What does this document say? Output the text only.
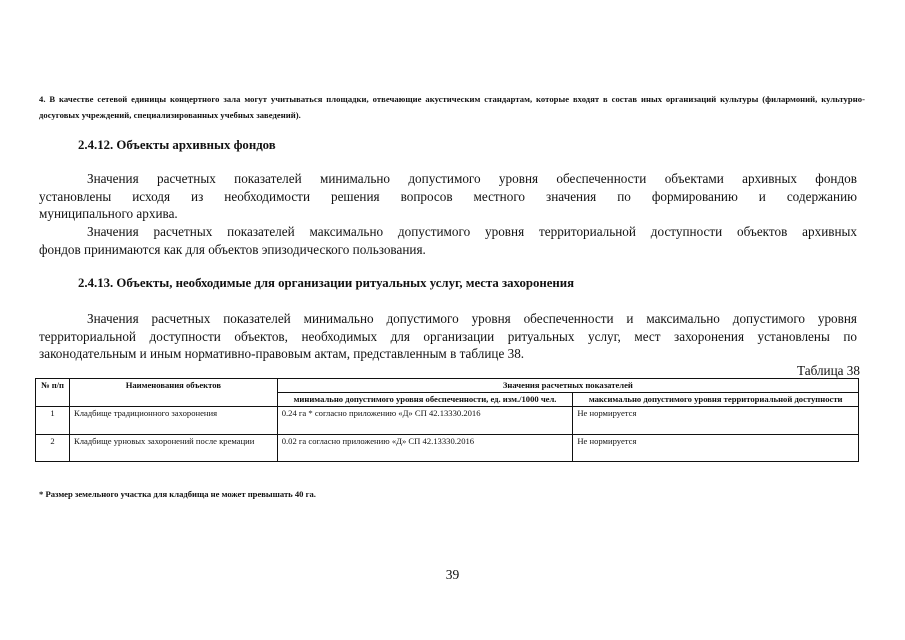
4. В качестве сетевой единицы концертного зала могут учитываться площадки, отвечающие акустическим стандартам, которые входят в состав иных организаций культуры (филармоний, культурно-досуговых учреждений, специализированных учебных заведений).
2.4.12. Объекты архивных фондов
Значения расчетных показателей минимально допустимого уровня обеспеченности объектами архивных фондов
установлены исходя из необходимости решения вопросов местного значения по формированию и содержанию
муниципального архива.
Значения расчетных показателей максимально допустимого уровня территориальной доступности объектов архивных
фондов принимаются как для объектов эпизодического пользования.
2.4.13. Объекты, необходимые для организации ритуальных услуг, места захоронения
Значения расчетных показателей минимально допустимого уровня обеспеченности и максимально допустимого уровня
территориальной доступности объектов, необходимых для организации ритуальных услуг, мест захоронения установлены по
законодательным и иным нормативно-правовым актам, представленным в таблице 38.
Таблица 38
№ п/п	Наименования объектов	Значения расчетных показателей	
		минимально допустимого уровня обеспеченности, ед. изм./1000 чел.	максимально допустимого уровня территориальной доступности
1	Кладбище традиционного захоронения	0.24 га * согласно приложению «Д» СП 42.13330.2016	Не нормируется
2	Кладбище урновых захоронений после кремации	0.02 га согласно приложению «Д» СП 42.13330.2016	Не нормируется
* Размер земельного участка для кладбища не может превышать 40 га.
39
